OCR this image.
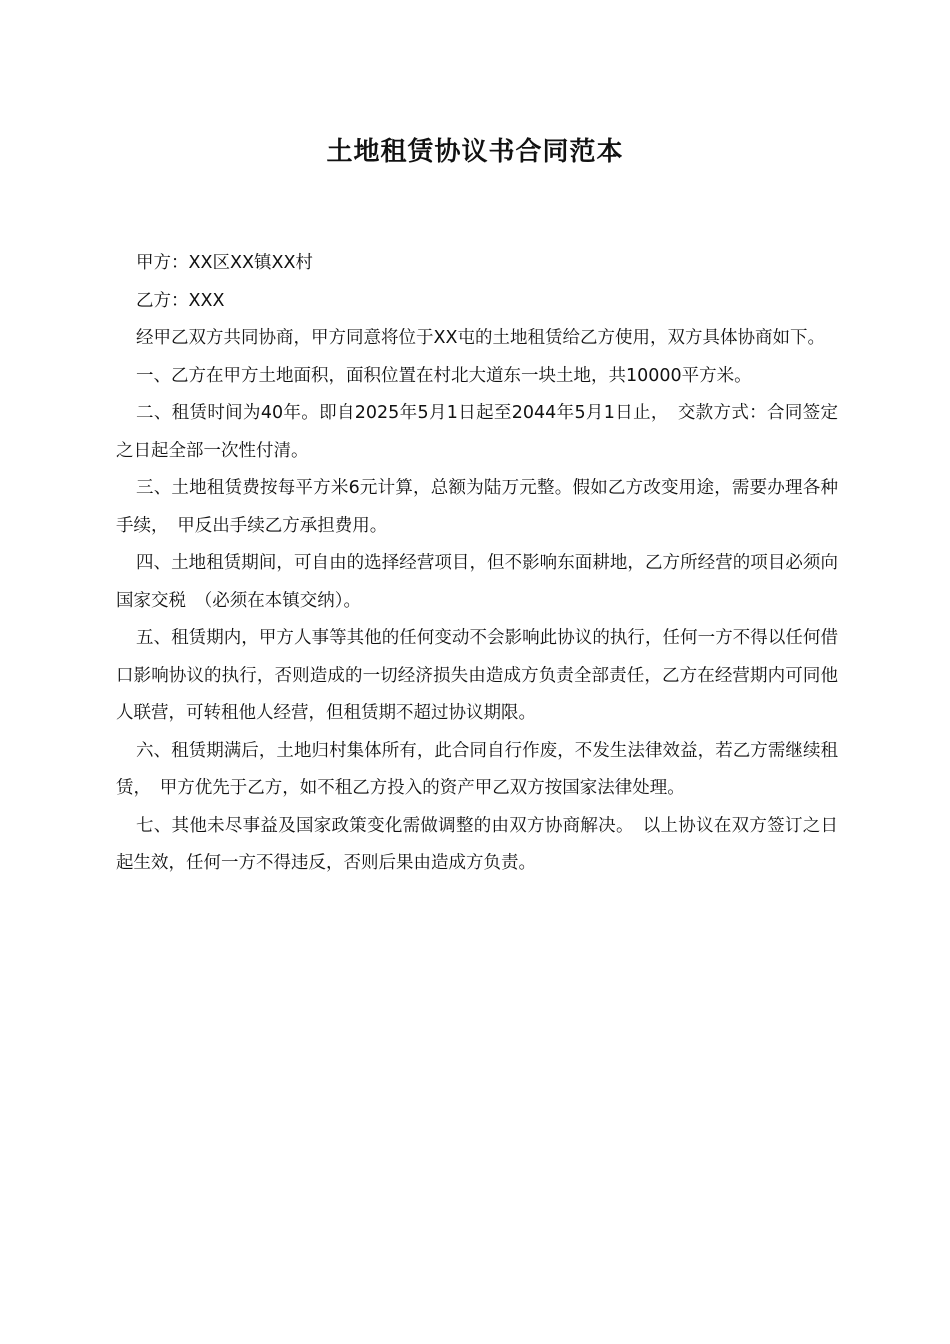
土地租赁协议书合同范本

甲方：XX区XX镇XX村

乙方：XXX

经甲乙双方共同协商，甲方同意将位于XX屯的土地租赁给乙方使用，双方具体协商如下。

一、乙方在甲方土地面积，面积位置在村北大道东一块土地，共10000平方米。

二、租赁时间为40年。即自2025年5月1日起至2044年5月1日止，　交款方式：合同签定之日起全部一次性付清。

三、土地租赁费按每平方米6元计算，总额为陆万元整。假如乙方改变用途，需要办理各种手续，　甲反出手续乙方承担费用。

四、土地租赁期间，可自由的选择经营项目，但不影响东面耕地，乙方所经营的项目必须向国家交税　（必须在本镇交纳）。

五、租赁期内，甲方人事等其他的任何变动不会影响此协议的执行，任何一方不得以任何借口影响协议的执行，否则造成的一切经济损失由造成方负责全部责任，乙方在经营期内可同他人联营，可转租他人经营，但租赁期不超过协议期限。

六、租赁期满后，土地归村集体所有，此合同自行作废，不发生法律效益，若乙方需继续租赁，　甲方优先于乙方，如不租乙方投入的资产甲乙双方按国家法律处理。

七、其他未尽事益及国家政策变化需做调整的由双方协商解决。　以上协议在双方签订之日起生效，任何一方不得违反，否则后果由造成方负责。
